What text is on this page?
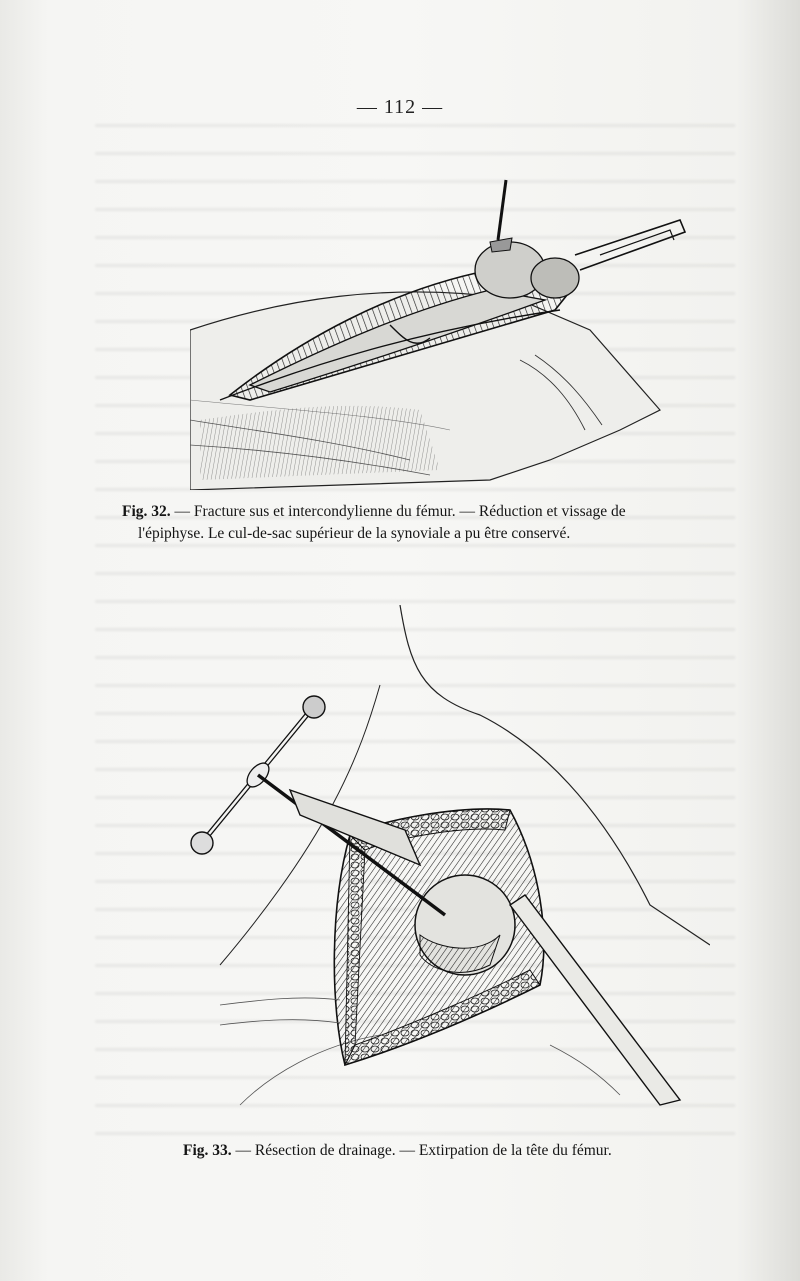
— 112 —
Fig. 32. — Fracture sus et intercondylienne du fémur. — Réduction et vissage de
l'épiphyse. Le cul-de-sac supérieur de la synoviale a pu être conservé.
Fig. 33. — Résection de drainage. — Extirpation de la tête du fémur.
